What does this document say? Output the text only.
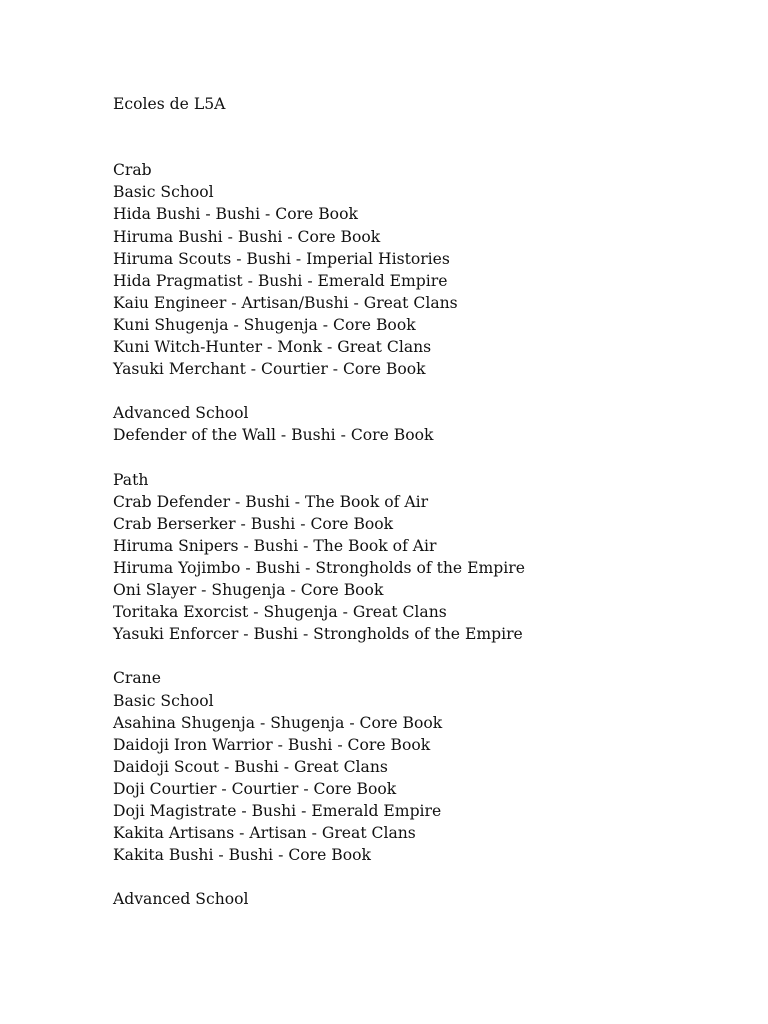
Ecoles de L5A
Crab
Basic School
Hida Bushi - Bushi - Core Book
Hiruma Bushi - Bushi - Core Book
Hiruma Scouts - Bushi - Imperial Histories
Hida Pragmatist - Bushi - Emerald Empire
Kaiu Engineer - Artisan/Bushi - Great Clans
Kuni Shugenja - Shugenja - Core Book
Kuni Witch-Hunter - Monk - Great Clans
Yasuki Merchant - Courtier - Core Book
Advanced School
Defender of the Wall - Bushi - Core Book
Path
Crab Defender - Bushi - The Book of Air
Crab Berserker - Bushi - Core Book
Hiruma Snipers - Bushi - The Book of Air
Hiruma Yojimbo - Bushi - Strongholds of the Empire
Oni Slayer - Shugenja - Core Book
Toritaka Exorcist - Shugenja - Great Clans
Yasuki Enforcer - Bushi - Strongholds of the Empire
Crane
Basic School
Asahina Shugenja - Shugenja - Core Book
Daidoji Iron Warrior - Bushi - Core Book
Daidoji Scout - Bushi - Great Clans
Doji Courtier - Courtier - Core Book
Doji Magistrate - Bushi - Emerald Empire
Kakita Artisans - Artisan - Great Clans
Kakita Bushi - Bushi - Core Book
Advanced School
